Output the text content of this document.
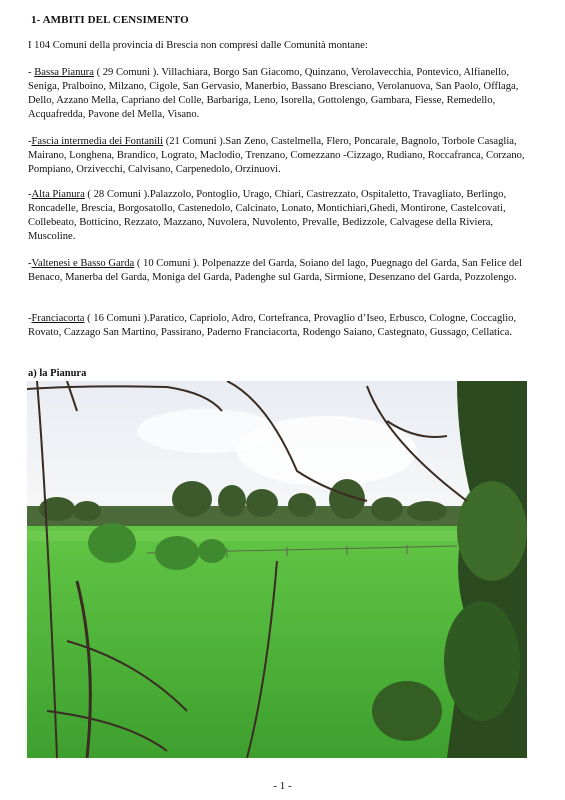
1- AMBITI DEL CENSIMENTO
I 104 Comuni della provincia di Brescia non compresi dalle Comunità montane:
- Bassa Pianura ( 29 Comuni ). Villachiara, Borgo San Giacomo, Quinzano, Verolavecchia, Pontevico, Alfianello, Seniga, Pralboino, Milzano, Cigole, San Gervasio, Manerbio, Bassano Bresciano, Verolanuova, San Paolo, Offlaga, Dello, Azzano Mella, Capriano del Colle, Barbariga, Leno, Isorella, Gottolengo, Gambara, Fiesse, Remedello, Acquafredda, Pavone del Mella, Visano.
-Fascia intermedia dei Fontanili (21 Comuni ).San Zeno, Castelmella, Flero, Poncarale, Bagnolo, Torbole Casaglia, Mairano, Longhena, Brandico, Lograto, Maclodio, Trenzano, Comezzano -Cizzago, Rudiano, Roccafranca, Corzano, Pompiano, Orzivecchi, Calvisano, Carpenedolo, Orzinuovi.
-Alta Pianura ( 28 Comuni ).Palazzolo, Pontoglio, Urago, Chiari, Castrezzato, Ospitaletto, Travagliato, Berlingo, Roncadelle, Brescia, Borgosatollo, Castenedolo, Calcinato, Lonato, Montichiari,Ghedi, Montirone, Castelcovati, Collebeato, Botticino, Rezzato, Mazzano, Nuvolera, Nuvolento, Prevalle, Bedizzole, Calvagese della Riviera, Muscoline.
-Valtenesi e Basso Garda ( 10 Comuni ). Polpenazze del Garda, Soiano del lago, Puegnago del Garda, San Felice del Benaco, Manerba del Garda, Moniga del Garda, Padenghe sul Garda, Sirmione, Desenzano del Garda, Pozzolengo.
-Franciacorta ( 16 Comuni ).Paratico, Capriolo, Adro, Cortefranca, Provaglio d’Iseo, Erbusco, Cologne, Coccaglio, Rovato, Cazzago San Martino, Passirano, Paderno Franciacorta, Rodengo Saiano, Castegnato, Gussago, Cellatica.
a) la Pianura
- 1 -
